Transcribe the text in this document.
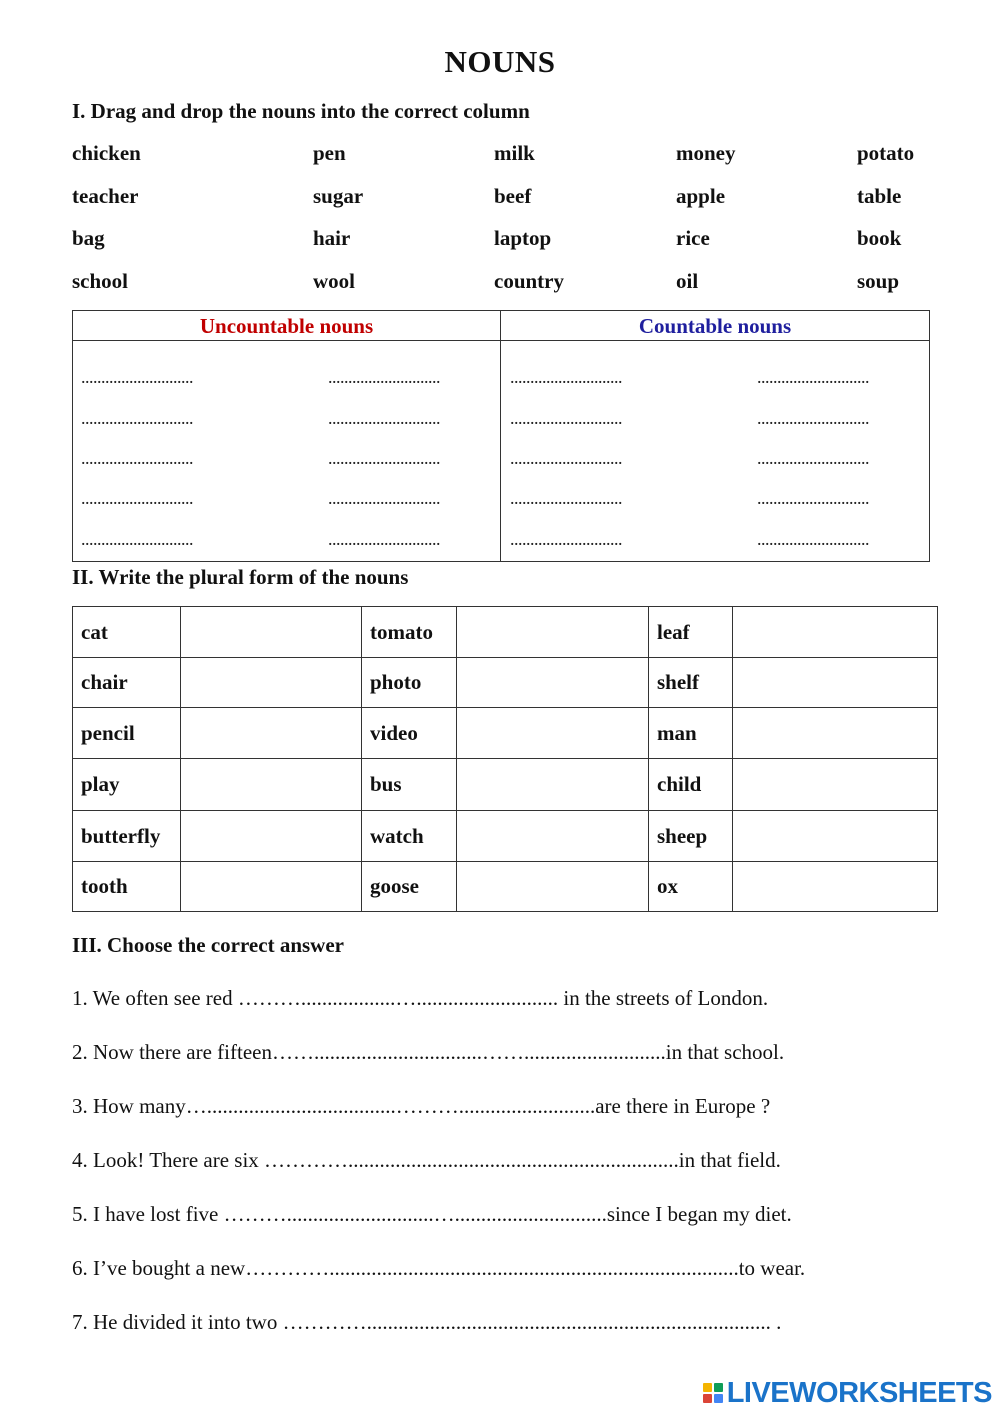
NOUNS
I. Drag and drop the nouns into the correct column
chicken	pen	milk	money	potato
teacher	sugar	beef	apple	table
bag	hair	laptop	rice	book
school	wool	country	oil	soup
Uncountable nouns	Countable nouns
............................	............................	............................	............................
............................	............................	............................	............................
............................	............................	............................	............................
............................	............................	............................	............................
............................	............................	............................	............................
II. Write the plural form of the nouns
cat		tomato		leaf	
chair		photo		shelf	
pencil		video		man	
play		bus		child	
butterfly		watch		sheep	
tooth		goose		ox	
III. Choose the correct answer
1. We often see red ………..................…........................... in the streets of London.
2. Now there are fifteen……................................……...........................in that school.
3. How many…....................................………..........................are there in Europe ?
4. Look! There are six …………...............................................................in that field.
5. I have lost five ………............................….............................since I began my diet.
6. I’ve bought a new…………..............................................................................to wear.
7. He divided it into two …………............................................................................. .
LIVEWORKSHEETS
